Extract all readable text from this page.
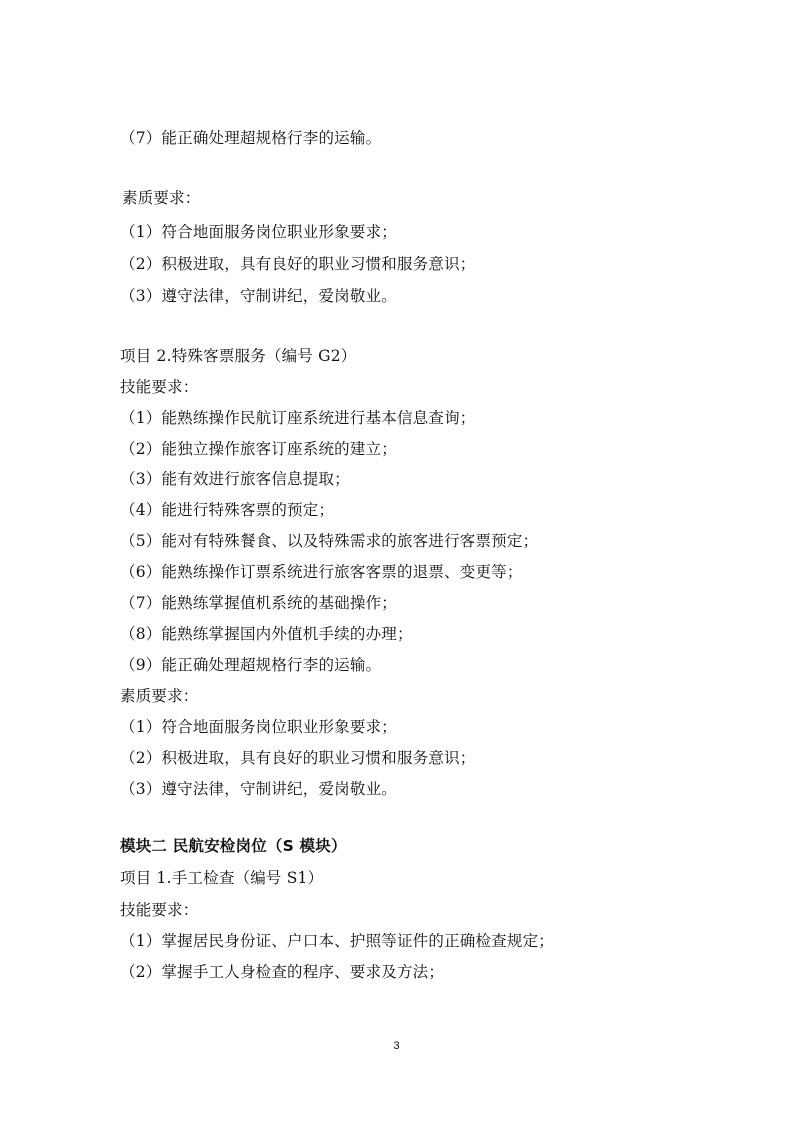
（7）能正确处理超规格行李的运输。
素质要求：
（1）符合地面服务岗位职业形象要求；
（2）积极进取，具有良好的职业习惯和服务意识；
（3）遵守法律，守制讲纪，爱岗敬业。
项目 2.特殊客票服务（编号 G2）
技能要求：
（1）能熟练操作民航订座系统进行基本信息查询；
（2）能独立操作旅客订座系统的建立；
（3）能有效进行旅客信息提取；
（4）能进行特殊客票的预定；
（5）能对有特殊餐食、以及特殊需求的旅客进行客票预定；
（6）能熟练操作订票系统进行旅客客票的退票、变更等；
（7）能熟练掌握值机系统的基础操作；
（8）能熟练掌握国内外值机手续的办理；
（9）能正确处理超规格行李的运输。
素质要求：
（1）符合地面服务岗位职业形象要求；
（2）积极进取，具有良好的职业习惯和服务意识；
（3）遵守法律，守制讲纪，爱岗敬业。
模块二 民航安检岗位（S 模块）
项目 1.手工检查（编号 S1）
技能要求：
（1）掌握居民身份证、户口本、护照等证件的正确检查规定；
（2）掌握手工人身检查的程序、要求及方法；
3
